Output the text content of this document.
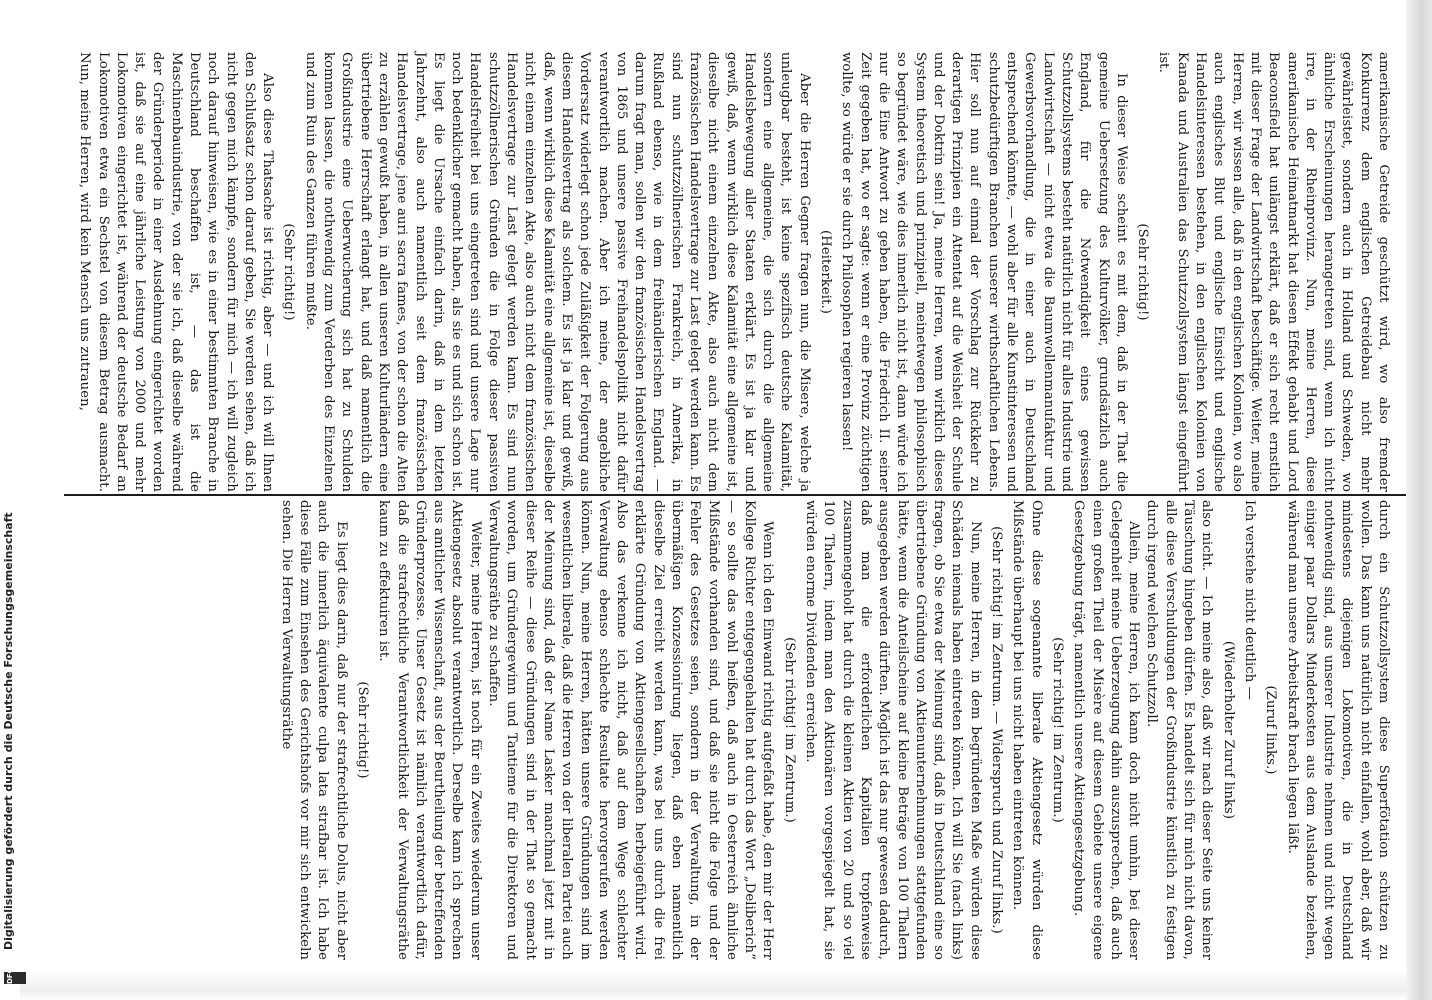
amerikanische Getreide geschützt wird, wo also fremder Konkurrenz dem englischen Getreidebau nicht mehr gewährleistet, sondern auch in Holland und Schweden, wo ähnliche Erscheinungen herangetreten sind, wenn ich nicht irre, in der Rheinprovinz. Nun, meine Herren, diese amerikanische Heimatmarkt hat diesen Effekt gehabt und Lord Beaconsfield hat unlängst erklärt, daß er sich recht ernstlich mit dieser Frage der Landwirtschaft beschäftige. Weiter, meine Herren, wir wissen alle, daß in den englischen Kolonien, wo also auch englisches Blut und englische Einsicht und englische Handelsinteressen bestehen, in den englischen Kolonien von Kanada und Australien das Schutzzollsystem längst eingeführt ist.

(Sehr richtig!)

In dieser Weise scheint es mit dem, daß in der That die gemeine Uebersetzung des Kulturvölker, grundsätzlich auch England, für die Notwendigkeit eines gewissen Schutzzollsystems besteht natürlich nicht für alles Industrie und Landwirtschaft — nicht etwa die Baumwollenmanufaktur und Gewerbsvorhandlung, die in einer auch in Deutschland entsprechend könnte, — wohl aber für alle Kunstinteressen und schutzbedürftigen Branchen unserer wirthschaftlichen Lebens. Hier soll nun auf einmal der Vorschlag zur Rückkehr zu derartigen Prinzipien ein Attentat auf die Weisheit der Schule und der Doktrin sein! Ja, meine Herren, wenn wirklich dieses System theoretisch und prinzipiell, meinetwegen philosophisch so begründet wäre, wie dies innerlich nicht ist, dann würde ich nur die Eine Antwort zu geben haben, die Friedrich II. seiner Zeit gegeben hat, wo er sagte: wenn er eine Provinz züchtigen wollte, so würde er sie durch Philosophen regieren lassen!

(Heiterkeit.)

Aber die Herren Gegner fragen nun, die Misere, welche ja unleugbar besteht, ist keine spezifisch deutsche Kalamität, sondern eine allgemeine, die sich durch die allgemeine Handelsbewegung aller Staaten erklärt. Es ist ja klar und gewiß, daß, wenn wirklich diese Kalamität eine allgemeine ist, dieselbe nicht einem einzelnen Akte, also auch nicht dem französischen Handelsvertrage zur Last gelegt werden kann. Es sind nun schutzzöllnerischen Frankreich, in Amerika, in Rußland ebenso, wie in dem freihändlerischen England. — darum fragt man, sollen wir den französischen Handelsvertrag von 1865 und unsere passive Freihandelspolitik nicht dafür verantwortlich machen. Aber ich meine, der angebliche Vordersatz widerlegt schon jede Zuläßigkeit der Folgerung aus diesem Handelsvertrag als solchem. Es ist ja klar und gewiß, daß, wenn wirklich diese Kalamität eine allgemeine ist, dieselbe nicht einem einzelnen Akte, also auch nicht dem französischen Handelsvertrage zur Last gelegt werden kann. Es sind nun schutzzöllnerischen Gründen die in Folge dieser passiven Handelsfreiheit bei uns eingetreten sind und unsere Lage nur noch bedenklicher gemacht haben, als sie es und sich schon ist. Es liegt die Ursache einfach darin, daß in dem letzten Jahrzehnt, also auch namentlich seit dem französischen Handelsvertrage, jene auri sacra fames, von der schon die Alten zu erzählen gewußt haben, in allen unseren Kulturländern eine übertriebene Herrschaft erlangt hat, und daß namentlich die Großindustrie eine Ueberwucherung sich hat zu Schulden kommen lassen, die nothwendig zum Verderben des Einzelnen und zum Ruin des Ganzen führen mußte.

(Sehr richtig!)

Also diese Thatsache ist richtig, aber — und ich will Ihnen den Schlußsatz schon darauf geben, Sie werden sehen, daß ich nicht gegen mich kämpfe, sondern für mich — ich will zugleich noch darauf hinweisen, wie es in einer bestimmten Branche in Deutschland beschaffen ist, — das ist die Maschinenbauindustrie, von der sie ich, daß dieselbe während der Gründerperiode in einer Ausdehnung eingerichtet worden ist, daß sie auf eine jährliche Leistung von 2000 und mehr Lokomotiven eingerichtet ist, während der deutsche Bedarf an Lokomotiven etwa ein Sechstel von diesem Betrag ausmacht. Nun, meine Herren, wird kein Mensch uns zutrauen,

durch ein Schutzzollsystem diese Superfötation schützen zu wollen. Das kann uns natürlich nicht einfallen, wohl aber, daß wir mindestens diejenigen Lokomotiven, die in Deutschland nothwendig sind, aus unserer Industrie nehmen und nicht wegen einiger paar Dollars Minderkosten aus dem Auslande beziehen, während man unsere Arbeitskraft brach liegen läßt.

(Zuruf links.)

Ich verstehe nicht deutlich —

(Wiederholter Zuruf links)

also nicht. — Ich meine also, daß wir nach dieser Seite uns keiner Täuschung hingeben dürfen. Es handelt sich für mich nicht davon, alle diese Verschuldungen der Großindustrie künstlich zu festigen durch irgend welchen Schutzzoll.

Allein, meine Herren, ich kann doch nicht umhin, bei dieser Gelegenheit meine Ueberzeugung dahin auszusprechen, daß auch einen großen Theil der Misère auf diesem Gebiete unsere eigene Gesetzgebung trägt, namentlich unsere Aktiengesetzgebung.

(Sehr richtig! im Zentrum.)

Ohne diese sogenannte liberale Aktiengesetz würden diese Mißstände überhaupt bei uns nicht haben eintreten können.

(Sehr richtig! im Zentrum. — Widerspruch und Zuruf links.)

Nun, meine Herren, in dem begründeten Maße würden diese Schäden niemals haben eintreten können. Ich will Sie (nach links) fragen, ob Sie etwa der Meinung sind, daß in Deutschland eine so übertriebene Gründung von Aktienunternehmungen stattgefunden hätte, wenn die Anteilscheine auf kleine Beträge von 100 Thalern ausgegeben werden dürften. Möglich ist das nur gewesen dadurch, daß man die erforderlichen Kapitalien tropfenweise zusammengeholt hat durch die kleinen Aktien von 20 und so viel 100 Thalern, indem man den Aktionären vorgespiegelt hat, sie würden enorme Dividenden erreichen.

(Sehr richtig! im Zentrum.)

Wenn ich den Einwand richtig aufgefaßt habe, den mir der Herr Kollege Richter entgegengehalten hat durch das Wort „Deliberich“ — so sollte das wohl heißen, daß auch in Oesterreich ähnliche Mißstände vorhanden sind, und daß sie nicht die Folge und der Fehler des Gesetzes seien, sondern in der Verwaltung, in der übermäßigen Konzessionirung liegen, daß eben namentlich dieselbe Ziel erreicht werden kann, was bei uns durch die frei erklärte Gründung von Aktiengesellschaften herbeigeführt wird. Also das verkenne ich nicht, daß auf dem Wege schlechter Verwaltung ebenso schlechte Resultate hervorgerufen werden können. Nun, meine Herren, hätten unsere Gründungen sind im wesentlichen liberale, daß die Herren von der liberalen Partei auch der Meinung sind, daß der Name Lasker manchmal jetzt mit in dieser Reihe — diese Gründungen sind in der That so gemacht worden, um Gründergewinn und Tantieme für die Direktoren und Verwaltungsräthe zu schaffen.

Weiter, meine Herren, ist noch für ein Zweites wiederum unser Aktiengesetz absolut verantwortlich. Derselbe kann ich sprechen aus amtlicher Wissenschaft, aus der Beurtheilung der betreffenden Gründerprozesse. Unser Gesetz ist nämlich verantwortlich dafür, daß die strafrechtliche Verantwortlichkeit der Verwaltungsräthe kaum zu effektuiren ist.

(Sehr richtig!)

Es liegt dies darin, daß nur der strafrechtliche Dolus, nicht aber auch die innerlich äquivalente culpa lata strafbar ist. Ich habe diese Fälle zum Einsehen des Gerichtshofs vor mir sich entwickeln sehen. Die Herren Verwaltungsräthe

Digitalisierung gefördert durch die Deutsche Forschungsgemeinschaft
DFG
